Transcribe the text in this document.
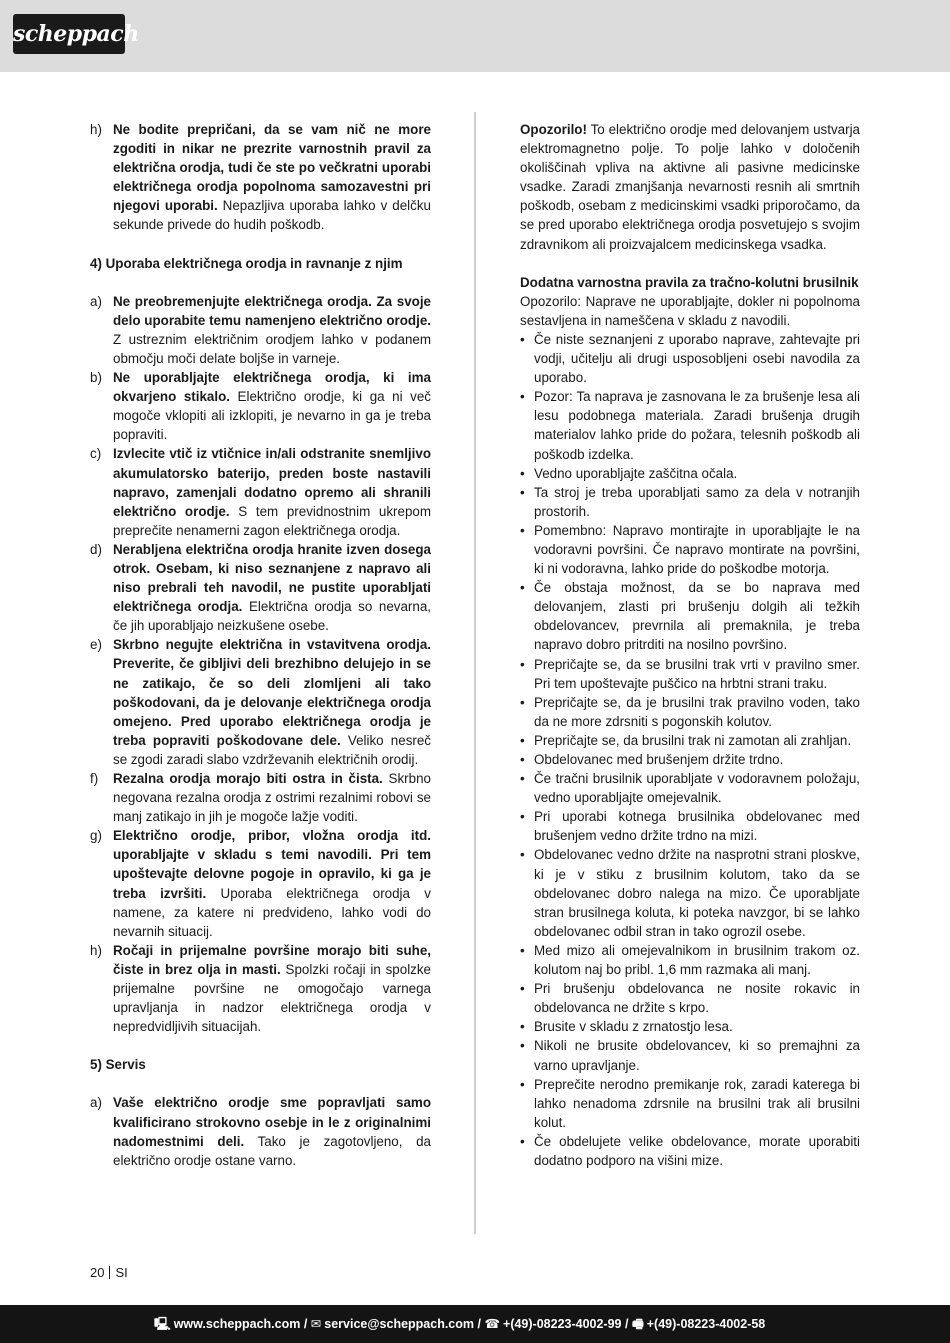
scheppach
h) Ne bodite prepričani, da se vam nič ne more zgoditi in nikar ne prezrite varnostnih pravil za električna orodja, tudi če ste po večkratni uporabi električnega orodja popolnoma samozavestni pri njegovi uporabi. Nepazljiva uporaba lahko v delčku sekunde privede do hudih poškodb.
4) Uporaba električnega orodja in ravnanje z njim
a) Ne preobremenjujte električnega orodja. Za svoje delo uporabite temu namenjeno električno orodje. Z ustreznim električnim orodjem lahko v podanem območju moči delate boljše in varneje.
b) Ne uporabljajte električnega orodja, ki ima okvarjeno stikalo. Električno orodje, ki ga ni več mogoče vklopiti ali izklopiti, je nevarno in ga je treba popraviti.
c) Izvlecite vtič iz vtičnice in/ali odstranite snemljivo akumulatorsko baterijo, preden boste nastavili napravo, zamenjali dodatno opremo ali shranili električno orodje. S tem previdnostnim ukrepom preprečite nenamerni zagon električnega orodja.
d) Nerabljena električna orodja hranite izven dosega otrok. Osebam, ki niso seznanjene z napravo ali niso prebrali teh navodil, ne pustite uporabljati električnega orodja. Električna orodja so nevarna, če jih uporabljajo neizkušene osebe.
e) Skrbno negujte električna in vstavitvena orodja. Preverite, če gibljivi deli brezhibno delujejo in se ne zatikajo, če so deli zlomljeni ali tako poškodovani, da je delovanje električnega orodja omejeno. Pred uporabo električnega orodja je treba popraviti poškodovane dele. Veliko nesreč se zgodi zaradi slabo vzdrževanih električnih orodij.
f) Rezalna orodja morajo biti ostra in čista. Skrbno negovana rezalna orodja z ostrimi rezalnimi robovi se manj zatikajo in jih je mogoče lažje voditi.
g) Električno orodje, pribor, vložna orodja itd. uporabljajte v skladu s temi navodili. Pri tem upoštevajte delovne pogoje in opravilo, ki ga je treba izvršiti. Uporaba električnega orodja v namene, za katere ni predvideno, lahko vodi do nevarnih situacij.
h) Ročaji in prijemalne površine morajo biti suhe, čiste in brez olja in masti. Spolzki ročaji in spolzke prijemalne površine ne omogočajo varnega upravljanja in nadzor električnega orodja v nepredvidljivih situacijah.
5) Servis
a) Vaše električno orodje sme popravljati samo kvalificirano strokovno osebje in le z originalnimi nadomestnimi deli. Tako je zagotovljeno, da električno orodje ostane varno.
Opozorilo! To električno orodje med delovanjem ustvarja elektromagnetno polje. To polje lahko v določenih okoliščinah vpliva na aktivne ali pasivne medicinske vsadke. Zaradi zmanjšanja nevarnosti resnih ali smrtnih poškodb, osebam z medicinskimi vsadki priporočamo, da se pred uporabo električnega orodja posvetujejo s svojim zdravnikom ali proizvajalcem medicinskega vsadka.
Dodatna varnostna pravila za tračno-kolutni brusilnik
Opozorilo: Naprave ne uporabljajte, dokler ni popolnoma sestavljena in nameščena v skladu z navodili.
• Če niste seznanjeni z uporabo naprave, zahtevajte pri vodji, učitelju ali drugi usposobljeni osebi navodila za uporabo.
• Pozor: Ta naprava je zasnovana le za brušenje lesa ali lesu podobnega materiala. Zaradi brušenja drugih materialov lahko pride do požara, telesnih poškodb ali poškodb izdelka.
• Vedno uporabljajte zaščitna očala.
• Ta stroj je treba uporabljati samo za dela v notranjih prostorih.
• Pomembno: Napravo montirajte in uporabljajte le na vodoravni površini. Če napravo montirate na površini, ki ni vodoravna, lahko pride do poškodbe motorja.
• Če obstaja možnost, da se bo naprava med delovanjem, zlasti pri brušenju dolgih ali težkih obdelovancev, prevrnila ali premaknila, je treba napravo dobro pritrditi na nosilno površino.
• Prepričajte se, da se brusilni trak vrti v pravilno smer. Pri tem upoštevajte puščico na hrbtni strani traku.
• Prepričajte se, da je brusilni trak pravilno voden, tako da ne more zdrsniti s pogonskih kolutov.
• Prepričajte se, da brusilni trak ni zamotan ali zrahljan.
• Obdelovanec med brušenjem držite trdno.
• Če tračni brusilnik uporabljate v vodoravnem položaju, vedno uporabljajte omejevalnik.
• Pri uporabi kotnega brusilnika obdelovanec med brušenjem vedno držite trdno na mizi.
• Obdelovanec vedno držite na nasprotni strani ploskve, ki je v stiku z brusilnim kolutom, tako da se obdelovanec dobro nalega na mizo. Če uporabljate stran brusilnega koluta, ki poteka navzgor, bi se lahko obdelovanec odbil stran in tako ogrozil osebe.
• Med mizo ali omejevalnikom in brusilnim trakom oz. kolutom naj bo pribl. 1,6 mm razmaka ali manj.
• Pri brušenju obdelovanca ne nosite rokavic in obdelovanca ne držite s krpo.
• Brusite v skladu z zrnatostjo lesa.
• Nikoli ne brusite obdelovancev, ki so premajhni za varno upravljanje.
• Preprečite nerodno premikanje rok, zaradi katerega bi lahko nenadoma zdrsnile na brusilni trak ali brusilni kolut.
• Če obdelujete velike obdelovance, morate uporabiti dodatno podporo na višini mize.
20 SI
🖳 www.scheppach.com / ✉ service@scheppach.com / ☎ +(49)-08223-4002-99 / 🖷 +(49)-08223-4002-58
